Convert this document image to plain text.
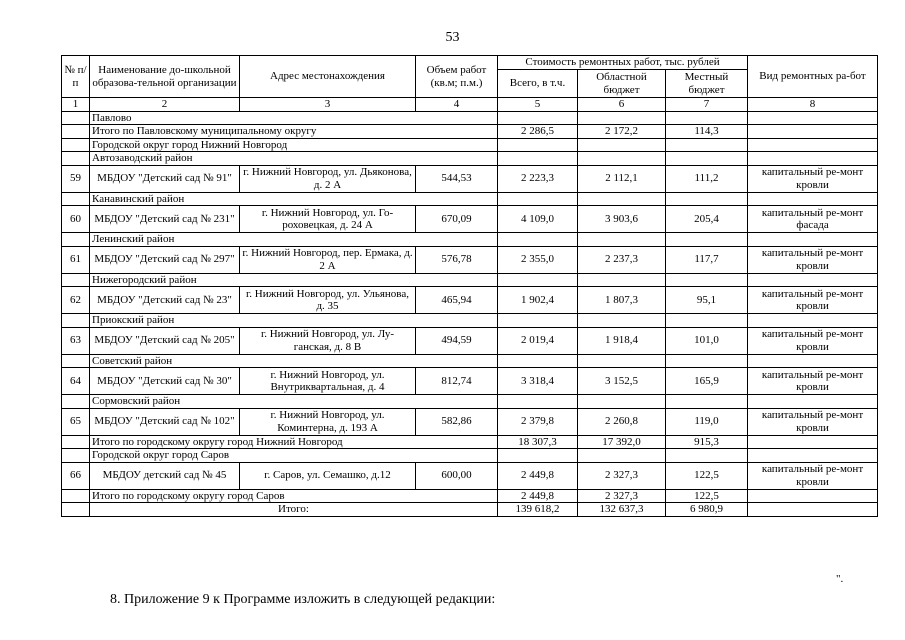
53
№ п/п	Наименование до-школьной образова-тельной организации	Адрес местонахождения	Объем работ (кв.м; п.м.)	Стоимость ремонтных работ, тыс. рублей			Вид ремонтных ра-бот
				Всего, в т.ч.	Областной бюджет	Местный бюджет	
1	2	3	4	5	6	7	8
	Павлово						
	Итого по Павловскому муниципальному округу			2 286,5	2 172,2	114,3	
	Городской округ город Нижний Новгород						
	Автозаводский район						
59	МБДОУ "Детский сад № 91"	г. Нижний Новгород, ул. Дьяконова, д. 2 А	544,53	2 223,3	2 112,1	111,2	капитальный ре-монт кровли
	Канавинский район						
60	МБДОУ "Детский сад № 231"	г. Нижний Новгород, ул. Го-роховецкая, д. 24 А	670,09	4 109,0	3 903,6	205,4	капитальный ре-монт фасада
	Ленинский район						
61	МБДОУ "Детский сад № 297"	г. Нижний Новгород, пер. Ермака, д. 2 А	576,78	2 355,0	2 237,3	117,7	капитальный ре-монт кровли
	Нижегородский район						
62	МБДОУ "Детский сад № 23"	г. Нижний Новгород, ул. Ульянова, д. 35	465,94	1 902,4	1 807,3	95,1	капитальный ре-монт кровли
	Приокский район						
63	МБДОУ "Детский сад № 205"	г. Нижний Новгород, ул. Лу-ганская, д. 8 В	494,59	2 019,4	1 918,4	101,0	капитальный ре-монт кровли
	Советский район						
64	МБДОУ "Детский сад № 30"	г. Нижний Новгород, ул. Внутриквартальная, д. 4	812,74	3 318,4	3 152,5	165,9	капитальный ре-монт кровли
	Сормовский район						
65	МБДОУ "Детский сад № 102"	г. Нижний Новгород, ул. Коминтерна, д. 193 А	582,86	2 379,8	2 260,8	119,0	капитальный ре-монт кровли
	Итого по городскому округу город Нижний Новгород			18 307,3	17 392,0	915,3	
	Городской округ город Саров						
66	МБДОУ детский сад № 45	г. Саров, ул. Семашко, д.12	600,00	2 449,8	2 327,3	122,5	капитальный ре-монт кровли
	Итого по городскому округу город Саров			2 449,8	2 327,3	122,5	
	Итого:			139 618,2	132 637,3	6 980,9	
".
8. Приложение 9 к Программе изложить в следующей редакции:
